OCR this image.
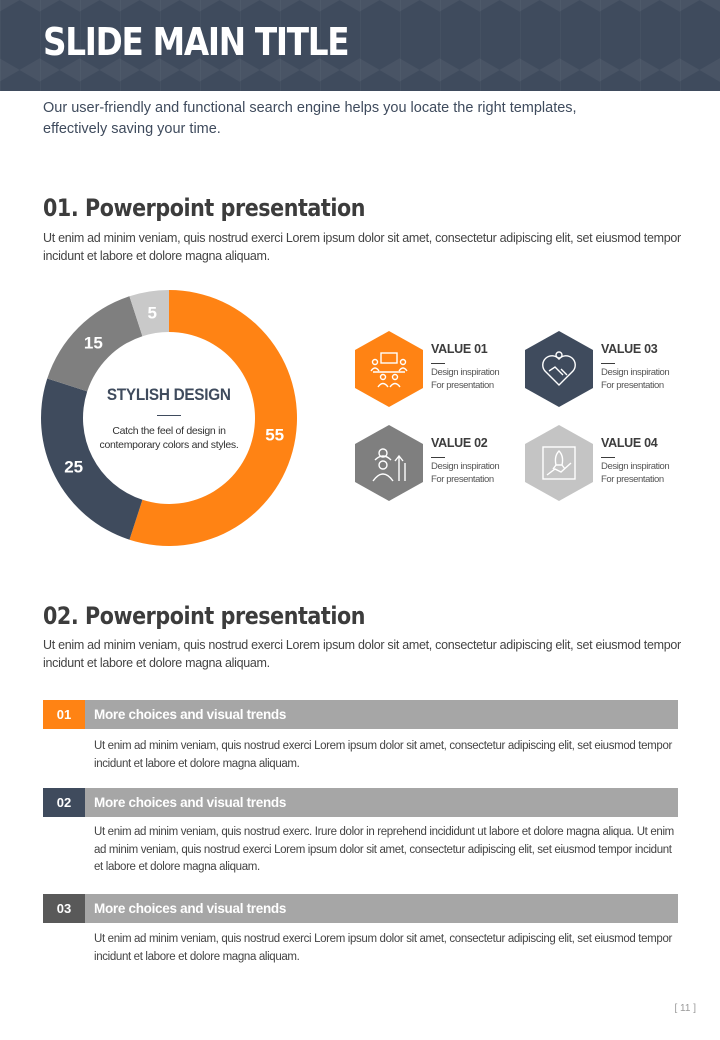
SLIDE MAIN TITLE

Our user-friendly and functional search engine helps you locate the right templates, effectively saving your time.

01. Powerpoint presentation

Ut enim ad minim veniam, quis nostrud exerci Lorem ipsum dolor sit amet, consectetur adipiscing elit, set eiusmod tempor incidunt et labore et dolore magna aliquam.

55
25
15
5
STYLISH DESIGN
Catch the feel of design in contemporary colors and styles.
VALUE 01
Design inspiration
For presentation
VALUE 02
Design inspiration
For presentation
VALUE 03
Design inspiration
For presentation
VALUE 04
Design inspiration
For presentation
02. Powerpoint presentation

Ut enim ad minim veniam, quis nostrud exerci Lorem ipsum dolor sit amet, consectetur adipiscing elit, set eiusmod tempor incidunt et labore et dolore magna aliquam.

01	More choices and visual trends

Ut enim ad minim veniam, quis nostrud exerci Lorem ipsum dolor sit amet, consectetur adipiscing elit, set eiusmod tempor incidunt et labore et dolore magna aliquam.

02	More choices and visual trends

Ut enim ad minim veniam, quis nostrud exerc. Irure dolor in reprehend incididunt ut labore et dolore magna aliqua. Ut enim ad minim veniam, quis nostrud exerci Lorem ipsum dolor sit amet, consectetur adipiscing elit, set eiusmod tempor incidunt et labore et dolore magna aliquam.

03	More choices and visual trends

Ut enim ad minim veniam, quis nostrud exerci Lorem ipsum dolor sit amet, consectetur adipiscing elit, set eiusmod tempor incidunt et labore et dolore magna aliquam.

[ 11 ]
